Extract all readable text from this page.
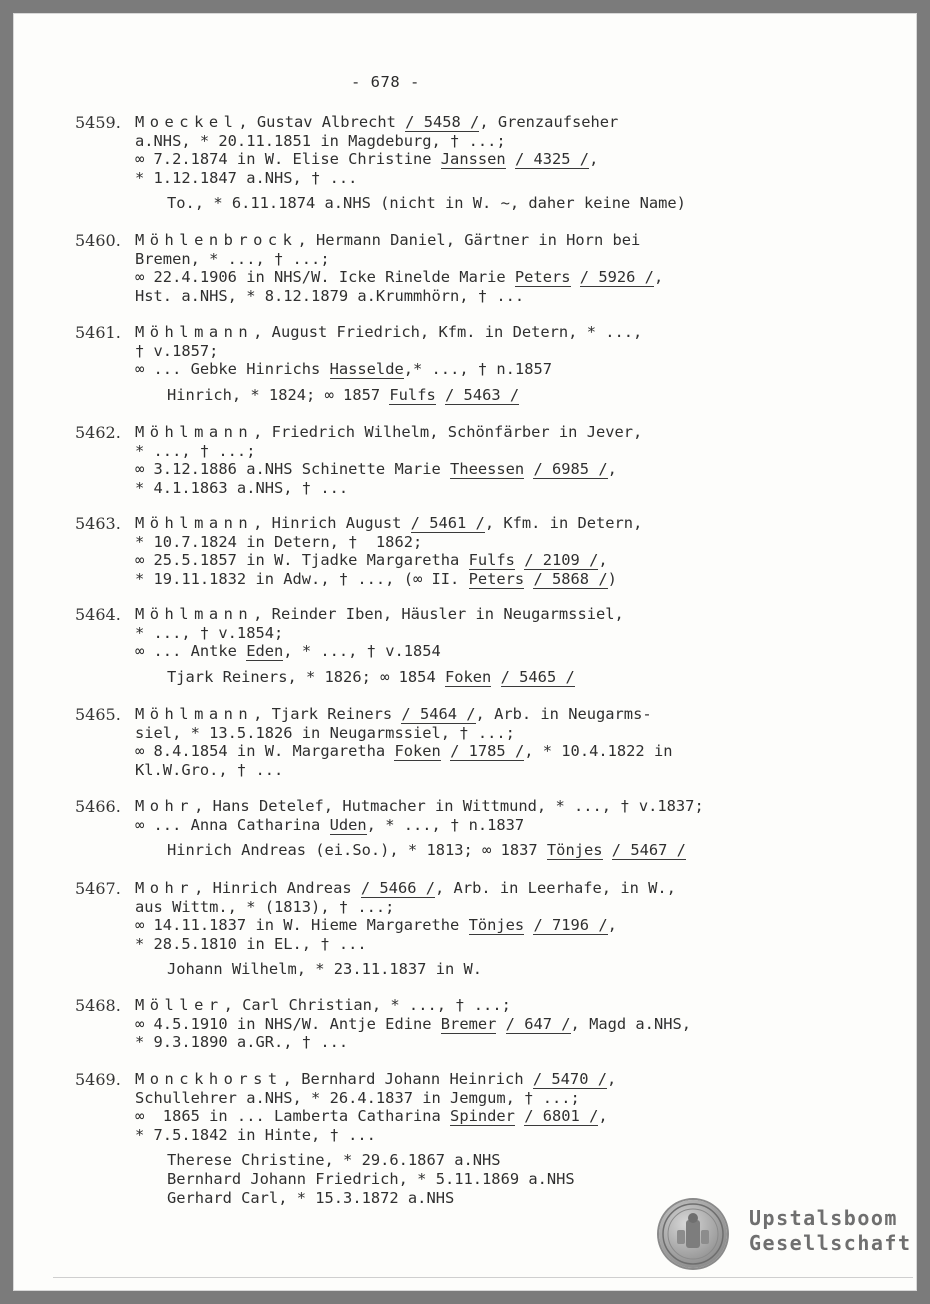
- 678 -
5459. Moeckel, Gustav Albrecht / 5458 /, Grenzaufseher
a.NHS, * 20.11.1851 in Magdeburg, † ...;
∞ 7.2.1874 in W. Elise Christine Janssen / 4325 /,
* 1.12.1847 a.NHS, † ...
To., * 6.11.1874 a.NHS (nicht in W. ~, daher keine Name)
5460. Möhlenbrock, Hermann Daniel, Gärtner in Horn bei
Bremen, * ..., † ...;
∞ 22.4.1906 in NHS/W. Icke Rinelde Marie Peters / 5926 /,
Hst. a.NHS, * 8.12.1879 a.Krummhörn, † ...
5461. Möhlmann, August Friedrich, Kfm. in Detern, * ...,
† v.1857;
∞ ... Gebke Hinrichs Hasselde,* ..., † n.1857
Hinrich, * 1824; ∞ 1857 Fulfs / 5463 /
5462. Möhlmann, Friedrich Wilhelm, Schönfärber in Jever,
* ..., † ...;
∞ 3.12.1886 a.NHS Schinette Marie Theessen / 6985 /,
* 4.1.1863 a.NHS, † ...
5463. Möhlmann, Hinrich August / 5461 /, Kfm. in Detern,
* 10.7.1824 in Detern, †  1862;
∞ 25.5.1857 in W. Tjadke Margaretha Fulfs / 2109 /,
* 19.11.1832 in Adw., † ..., (∞ II. Peters / 5868 /)
5464. Möhlmann, Reinder Iben, Häusler in Neugarmssiel,
* ..., † v.1854;
∞ ... Antke Eden, * ..., † v.1854
Tjark Reiners, * 1826; ∞ 1854 Foken / 5465 /
5465. Möhlmann, Tjark Reiners / 5464 /, Arb. in Neugarms-
siel, * 13.5.1826 in Neugarmssiel, † ...;
∞ 8.4.1854 in W. Margaretha Foken / 1785 /, * 10.4.1822 in
Kl.W.Gro., † ...
5466. Mohr, Hans Detelef, Hutmacher in Wittmund, * ..., † v.1837;
∞ ... Anna Catharina Uden, * ..., † n.1837
Hinrich Andreas (ei.So.), * 1813; ∞ 1837 Tönjes / 5467 /
5467. Mohr, Hinrich Andreas / 5466 /, Arb. in Leerhafe, in W.,
aus Wittm., * (1813), † ...;
∞ 14.11.1837 in W. Hieme Margarethe Tönjes / 7196 /,
* 28.5.1810 in EL., † ...
Johann Wilhelm, * 23.11.1837 in W.
5468. Möller, Carl Christian, * ..., † ...;
∞ 4.5.1910 in NHS/W. Antje Edine Bremer / 647 /, Magd a.NHS,
* 9.3.1890 a.GR., † ...
5469. Monckhorst, Bernhard Johann Heinrich / 5470 /,
Schullehrer a.NHS, * 26.4.1837 in Jemgum, † ...;
∞  1865 in ... Lamberta Catharina Spinder / 6801 /,
* 7.5.1842 in Hinte, † ...
Therese Christine, * 29.6.1867 a.NHS
Bernhard Johann Friedrich, * 5.11.1869 a.NHS
Gerhard Carl, * 15.3.1872 a.NHS
Upstalsboom
Gesellschaft
